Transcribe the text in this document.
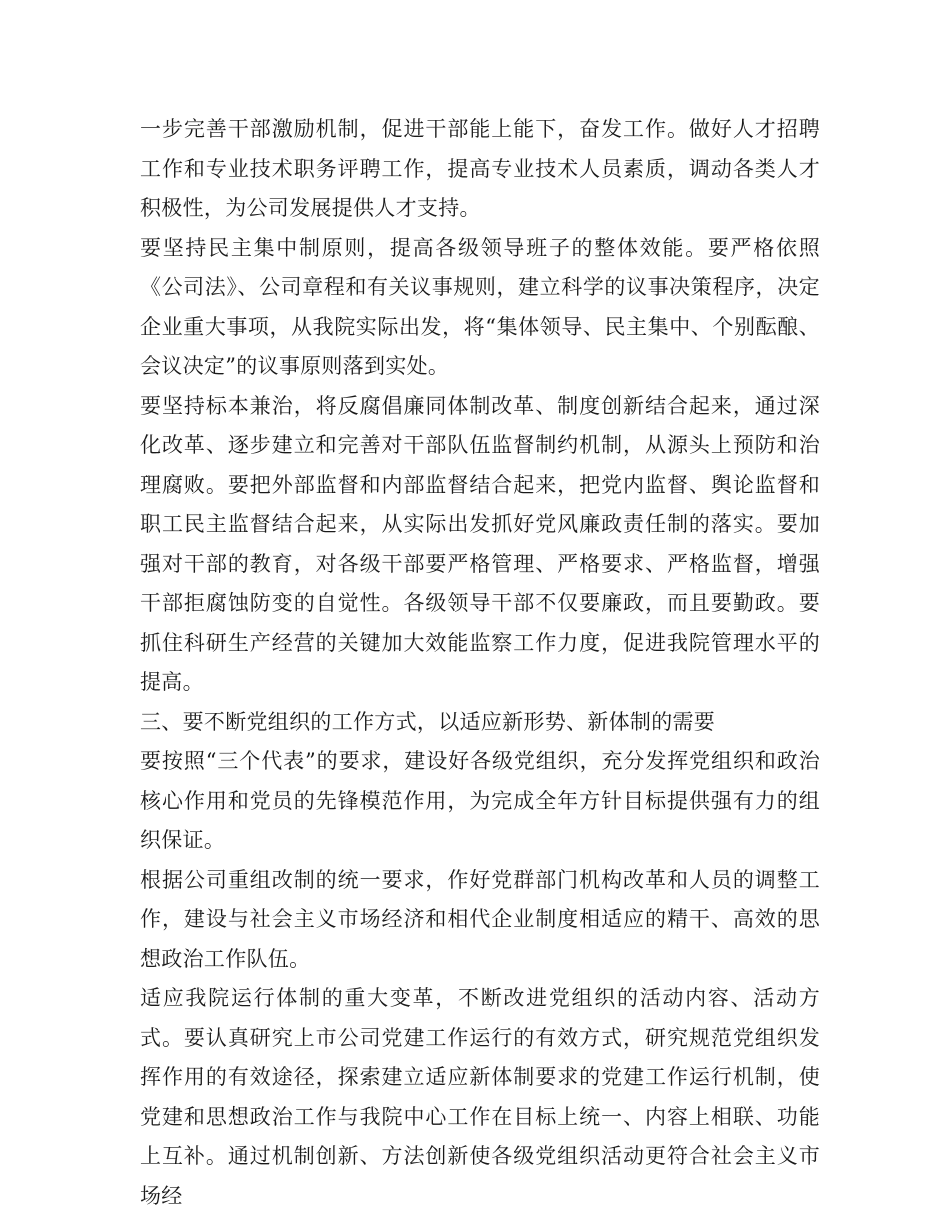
一步完善干部激励机制，促进干部能上能下，奋发工作。做好人才招聘工作和专业技术职务评聘工作，提高专业技术人员素质，调动各类人才积极性，为公司发展提供人才支持。

要坚持民主集中制原则，提高各级领导班子的整体效能。要严格依照《公司法》、公司章程和有关议事规则，建立科学的议事决策程序，决定企业重大事项，从我院实际出发，将“集体领导、民主集中、个别酝酿、会议决定”的议事原则落到实处。

要坚持标本兼治，将反腐倡廉同体制改革、制度创新结合起来，通过深化改革、逐步建立和完善对干部队伍监督制约机制，从源头上预防和治理腐败。要把外部监督和内部监督结合起来，把党内监督、舆论监督和职工民主监督结合起来，从实际出发抓好党风廉政责任制的落实。要加强对干部的教育，对各级干部要严格管理、严格要求、严格监督，增强干部拒腐蚀防变的自觉性。各级领导干部不仅要廉政，而且要勤政。要抓住科研生产经营的关键加大效能监察工作力度，促进我院管理水平的提高。

三、要不断党组织的工作方式，以适应新形势、新体制的需要

要按照“三个代表”的要求，建设好各级党组织，充分发挥党组织和政治核心作用和党员的先锋模范作用，为完成全年方针目标提供强有力的组织保证。

根据公司重组改制的统一要求，作好党群部门机构改革和人员的调整工作，建设与社会主义市场经济和相代企业制度相适应的精干、高效的思想政治工作队伍。

适应我院运行体制的重大变革，不断改进党组织的活动内容、活动方式。要认真研究上市公司党建工作运行的有效方式，研究规范党组织发挥作用的有效途径，探索建立适应新体制要求的党建工作运行机制，使党建和思想政治工作与我院中心工作在目标上统一、内容上相联、功能上互补。通过机制创新、方法创新使各级党组织活动更符合社会主义市场经
